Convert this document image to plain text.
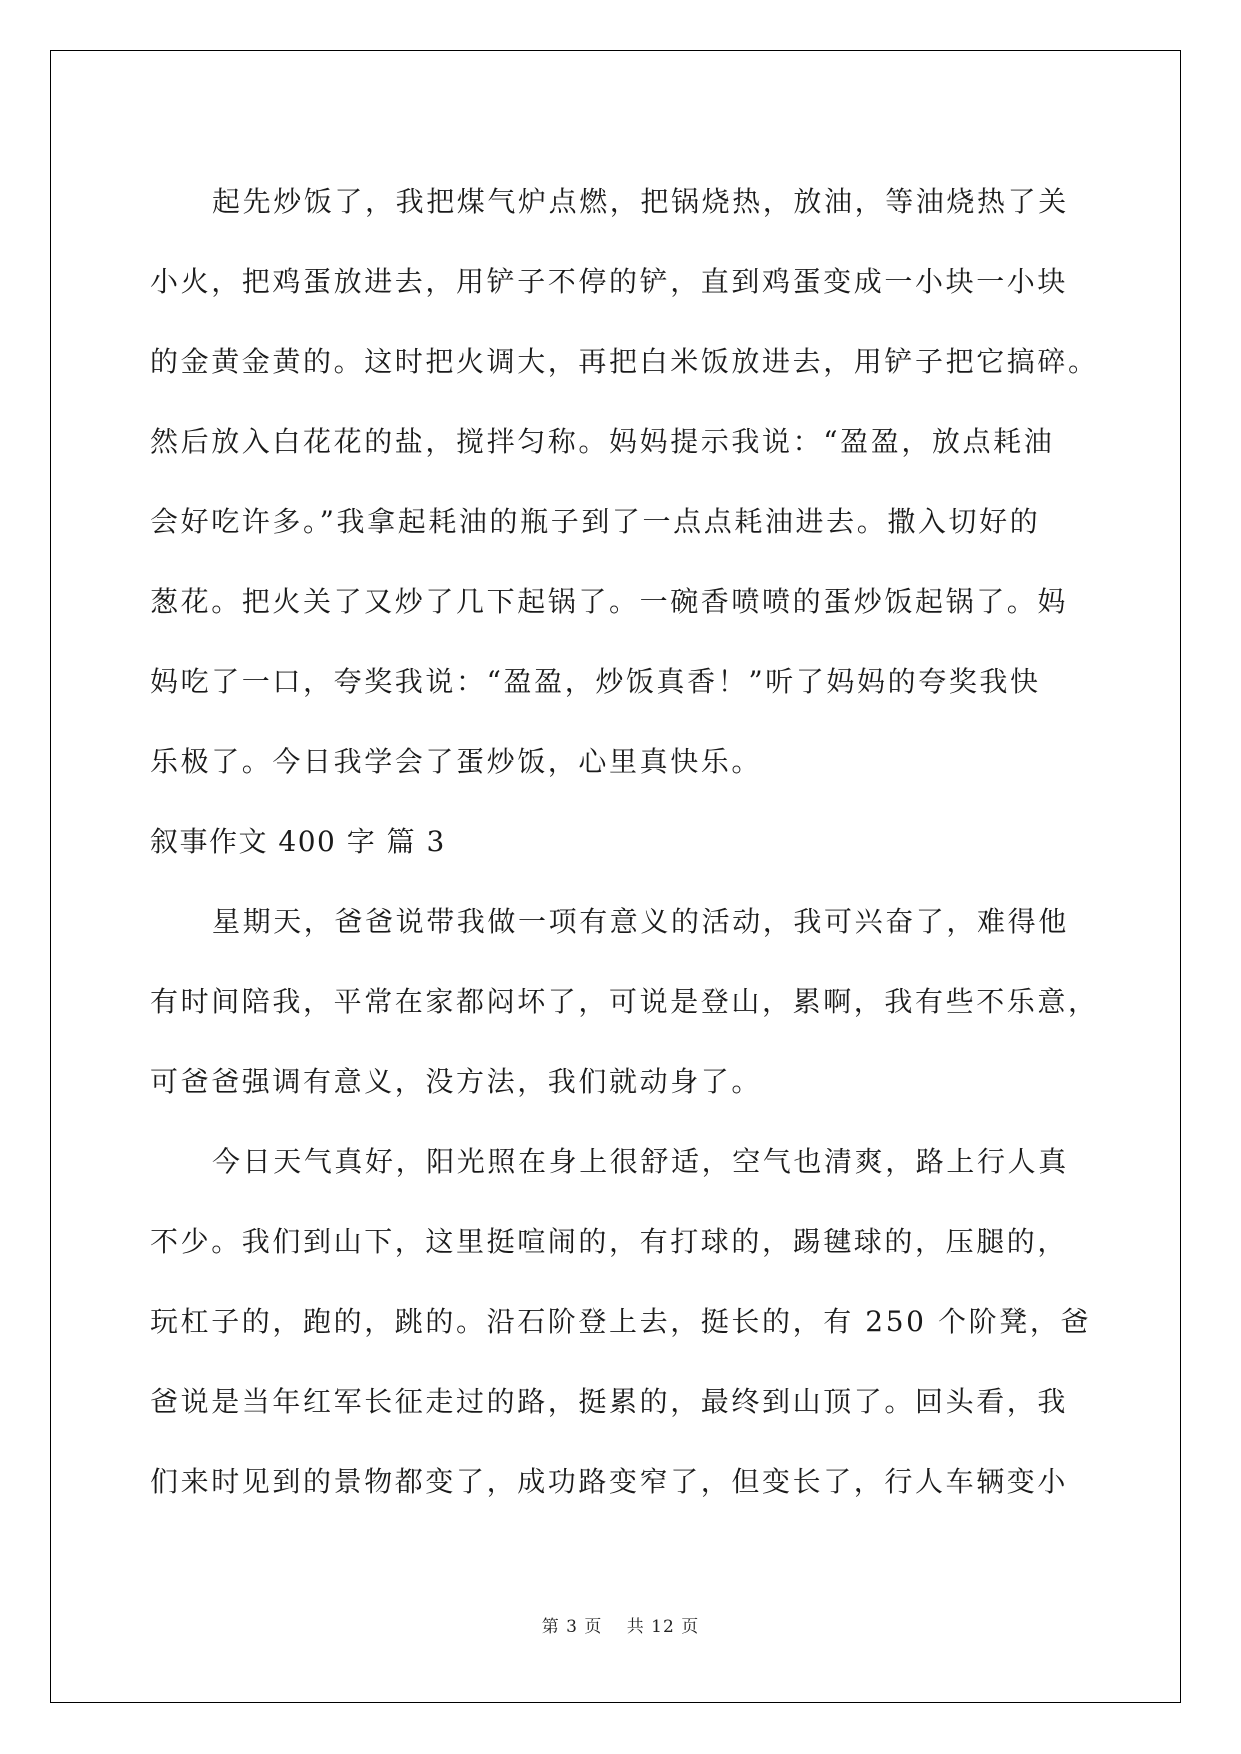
起先炒饭了，我把煤气炉点燃，把锅烧热，放油，等油烧热了关
小火，把鸡蛋放进去，用铲子不停的铲，直到鸡蛋变成一小块一小块
的金黄金黄的。这时把火调大，再把白米饭放进去，用铲子把它搞碎。
然后放入白花花的盐，搅拌匀称。妈妈提示我说：“盈盈，放点耗油
会好吃许多。”我拿起耗油的瓶子到了一点点耗油进去。撒入切好的
葱花。把火关了又炒了几下起锅了。一碗香喷喷的蛋炒饭起锅了。妈
妈吃了一口，夸奖我说：“盈盈，炒饭真香！”听了妈妈的夸奖我快
乐极了。今日我学会了蛋炒饭，心里真快乐。
叙事作文 400 字 篇 3
星期天，爸爸说带我做一项有意义的活动，我可兴奋了，难得他
有时间陪我，平常在家都闷坏了，可说是登山，累啊，我有些不乐意，
可爸爸强调有意义，没方法，我们就动身了。
今日天气真好，阳光照在身上很舒适，空气也清爽，路上行人真
不少。我们到山下，这里挺喧闹的，有打球的，踢毽球的，压腿的，
玩杠子的，跑的，跳的。沿石阶登上去，挺长的，有 250 个阶凳，爸
爸说是当年红军长征走过的路，挺累的，最终到山顶了。回头看，我
们来时见到的景物都变了，成功路变窄了，但变长了，行人车辆变小
第 3 页 共 12 页
